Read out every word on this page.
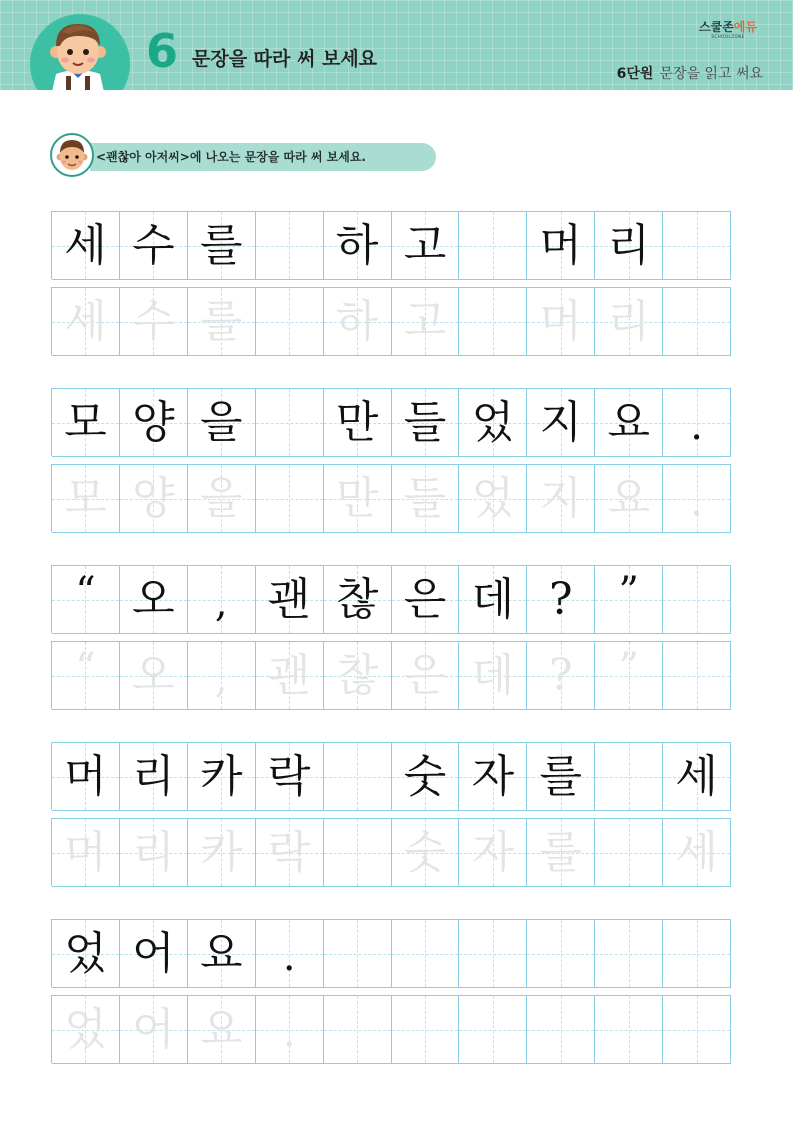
6 문장을 따라 써 보세요
스쿨존에듀
SCHOOLZONE
6단원 문장을 읽고 써요
<괜찮아 아저씨>에 나오는 문장을 따라 써 보세요.
세 수 를 하 고 머 리
세 수 를 하 고 머 리
모 양 을 만 들 었 지 요	.
모 양 을 만 들 었 지 요	.
“ 오	, 괜 찮 은 데 ?	”
“ 오	, 괜 찮 은 데 ?	”
머 리 카 락 숫 자 를 세
머 리 카 락 숫 자 를 세
었 어 요	.
었 어 요	.
